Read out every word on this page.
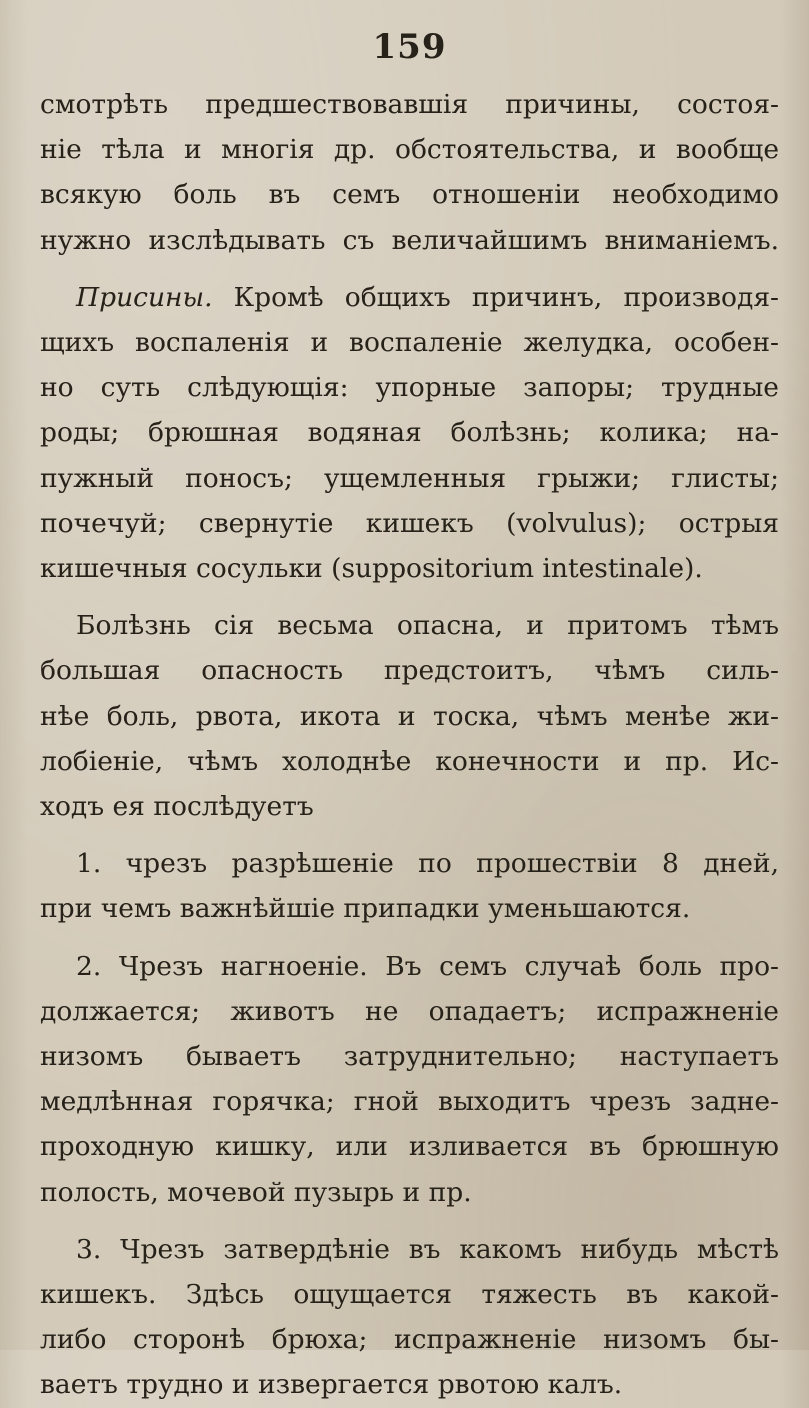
159
смотрѣть предшествовавшія причины, состоя-
ніе тѣла и многія др. обстоятельства, и вообще
всякую боль въ семъ отношеніи необходимо
нужно изслѣдывать съ величайшимъ вниманіемъ.
Присины. Кромѣ общихъ причинъ, производя-
щихъ воспаленія и воспаленіе желудка, особен-
но суть слѣдующія: упорные запоры; трудные
роды; брюшная водяная болѣзнь; колика; на-
пужный поносъ; ущемленныя грыжи; глисты;
почечуй; свернутіе кишекъ (volvulus); острыя
кишечныя сосульки (suppositorium intestinale).
Болѣзнь сія весьма опасна, и притомъ тѣмъ
большая опасность предстоитъ, чѣмъ силь-
нѣе боль, рвота, икота и тоска, чѣмъ менѣе жи-
лобіеніе, чѣмъ холоднѣе конечности и пр. Ис-
ходъ ея послѣдуетъ
1. чрезъ разрѣшеніе по прошествіи 8 дней,
при чемъ важнѣйшіе припадки уменьшаются.
2. Чрезъ нагноеніе. Въ семъ случаѣ боль про-
должается; животъ не опадаетъ; испражненіе
низомъ бываетъ затруднительно; наступаетъ
медлѣнная горячка; гной выходитъ чрезъ задне-
проходную кишку, или изливается въ брюшную
полость, мочевой пузырь и пр.
3. Чрезъ затвердѣніе въ какомъ нибудь мѣстѣ
кишекъ. Здѣсь ощущается тяжесть въ какой-
либо сторонѣ брюха; испражненіе низомъ бы-
ваетъ трудно и извергается рвотою калъ.
